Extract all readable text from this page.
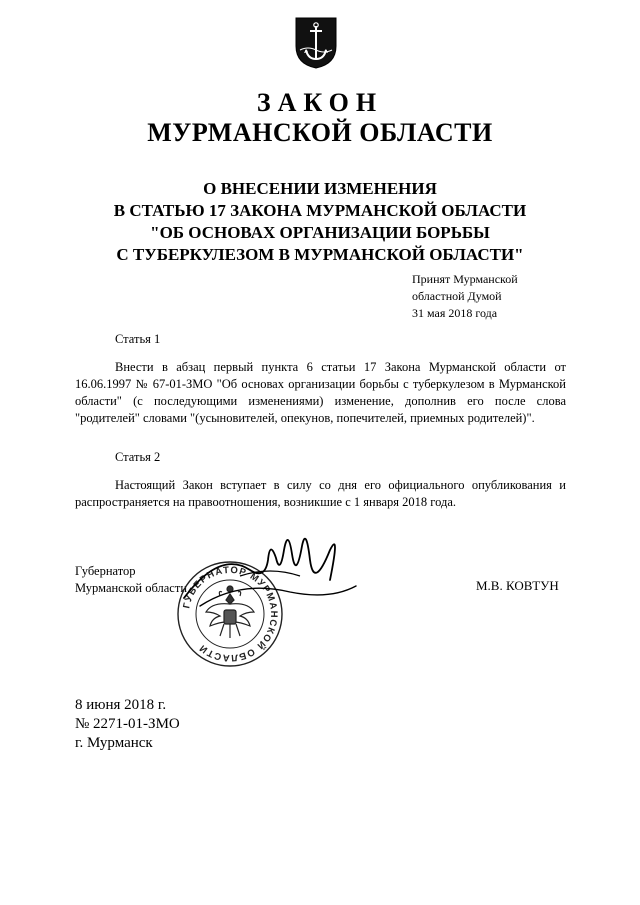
ЗАКОН
МУРМАНСКОЙ ОБЛАСТИ
О ВНЕСЕНИИ ИЗМЕНЕНИЯ
В СТАТЬЮ 17 ЗАКОНА МУРМАНСКОЙ ОБЛАСТИ
"ОБ ОСНОВАХ ОРГАНИЗАЦИИ БОРЬБЫ
С ТУБЕРКУЛЕЗОМ В МУРМАНСКОЙ ОБЛАСТИ"
Принят Мурманской
областной Думой
31 мая 2018 года
Статья 1
Внести в абзац первый пункта 6 статьи 17 Закона Мурманской области от 16.06.1997 № 67-01-ЗМО "Об основах организации борьбы с туберкулезом в Мурманской области" (с последующими изменениями) изменение, дополнив его после слова "родителей" словами "(усыновителей, опекунов, попечителей, приемных родителей)".
Статья 2
Настоящий Закон вступает в силу со дня его официального опубликования и распространяется на правоотношения, возникшие с 1 января 2018 года.
Губернатор
Мурманской области
ГУБЕРНАТОР МУРМАНСКОЙ ОБЛАСТИ
М.В. КОВТУН
8 июня 2018 г.
№ 2271-01-ЗМО
г. Мурманск
